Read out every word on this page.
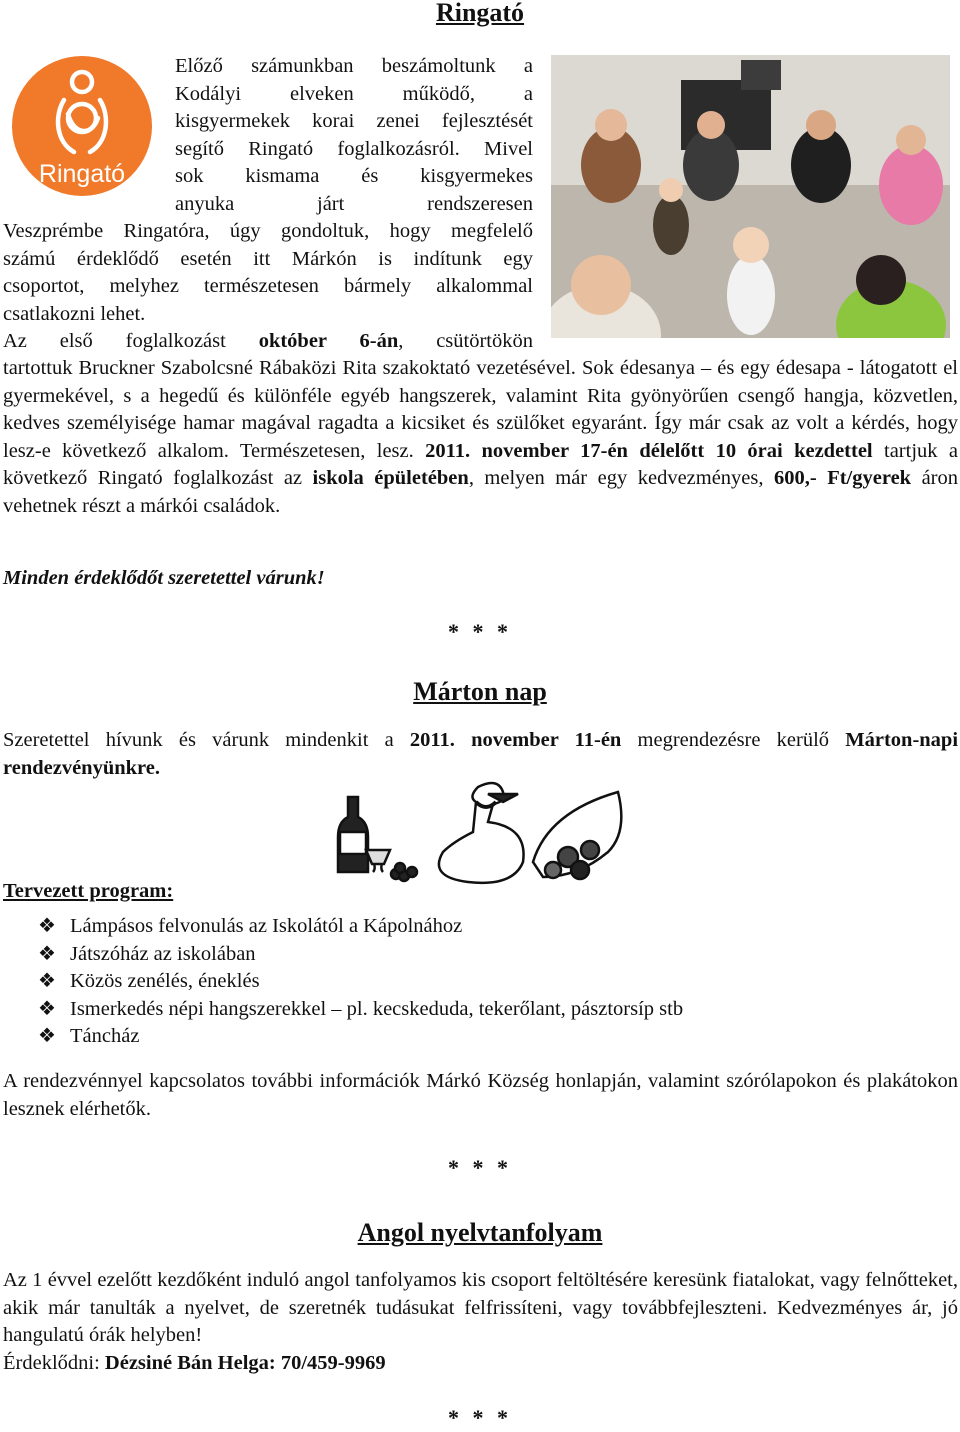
Ringató
Ringató

Előző számunkban beszámoltunk a

Kodályi elveken működő, a

kisgyermekek korai zenei fejlesztését

segítő Ringató foglalkozásról. Mivel

sok kismama és kisgyermekes

anyuka járt rendszeresen

Veszprémbe Ringatóra, úgy gondoltuk, hogy megfelelő

számú érdeklődő esetén itt Márkón is indítunk egy

csoportot, melyhez természetesen bármely alkalommal

csatlakozni lehet.

Az első foglalkozást október 6-án, csütörtökön

tartottuk Bruckner Szabolcsné Rábaközi Rita szakoktató vezetésével. Sok édesanya – és egy édesapa - látogatott el gyermekével, s a hegedű és különféle egyéb hangszerek, valamint Rita gyönyörűen csengő hangja, közvetlen, kedves személyisége hamar magával ragadta a kicsiket és szülőket egyaránt. Így már csak az volt a kérdés, hogy lesz-e következő alkalom. Természetesen, lesz. 2011. november 17-én délelőtt 10 órai kezdettel tartjuk a következő Ringató foglalkozást az iskola épületében, melyen már egy kedvezményes, 600,- Ft/gyerek áron vehetnek részt a márkói családok.

Minden érdeklődőt szeretettel várunk!
* * *
Márton nap

Szeretettel hívunk és várunk mindenkit a 2011. november 11-én megrendezésre kerülő Márton-napi rendezvényünkre.

Tervezett program:
❖ Lámpásos felvonulás az Iskolától a Kápolnához
❖ Játszóház az iskolában
❖ Közös zenélés, éneklés
❖ Ismerkedés népi hangszerekkel – pl. kecskeduda, tekerőlant, pásztorsíp stb
❖ Táncház

A rendezvénnyel kapcsolatos további információk Márkó Község honlapján, valamint szórólapokon és plakátokon lesznek elérhetők.

* * *
Angol nyelvtanfolyam

Az 1 évvel ezelőtt kezdőként induló angol tanfolyamos kis csoport feltöltésére keresünk fiatalokat, vagy felnőtteket, akik már tanulták a nyelvet, de szeretnék tudásukat felfrissíteni, vagy továbbfejleszteni. Kedvezményes ár, jó hangulatú órák helyben!

Érdeklődni: Dézsiné Bán Helga: 70/459-9969

* * *
